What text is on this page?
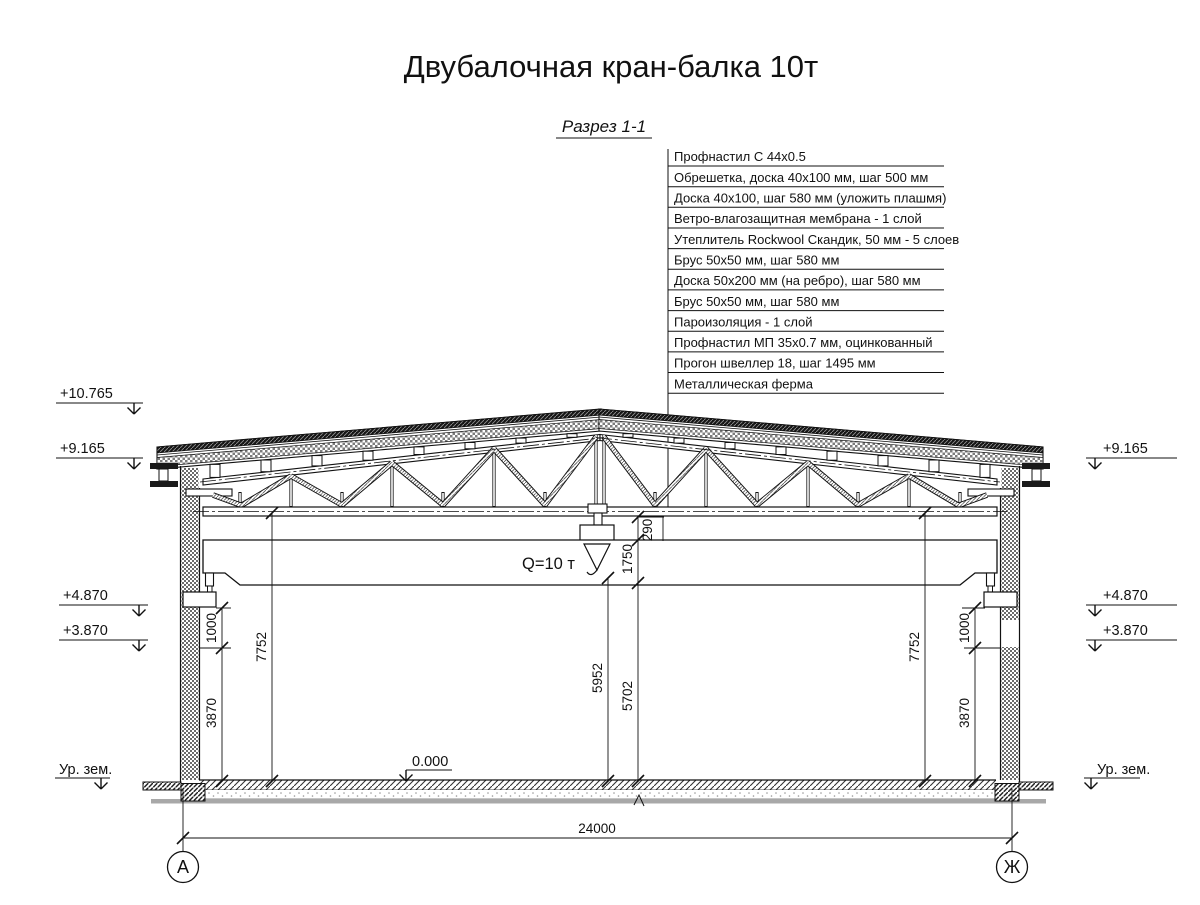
Двубалочная кран-балка 10т
Разрез 1-1
Профнастил С 44х0.5
Обрешетка, доска 40х100 мм, шаг 500 мм
Доска 40х100, шаг 580 мм (уложить плашмя)
Ветро-влагозащитная мембрана - 1 слой
Утеплитель Rockwool Скандик, 50 мм - 5 слоев
Брус 50х50 мм, шаг 580 мм
Доска 50х200 мм (на ребро), шаг 580 мм
Брус 50х50 мм, шаг 580 мм
Пароизоляция - 1 слой
Профнастил МП 35х0.7 мм, оцинкованный
Прогон швеллер 18, шаг 1495 мм
Металлическая ферма
Q=10 т
+10.765
+9.165
+4.870
+3.870
Ур. зем.
+9.165
+4.870
+3.870
Ур. зем.
0.000
1000
3870
7752
5952
5702
1750
290
7752
1000
3870
24000
А	Ж
